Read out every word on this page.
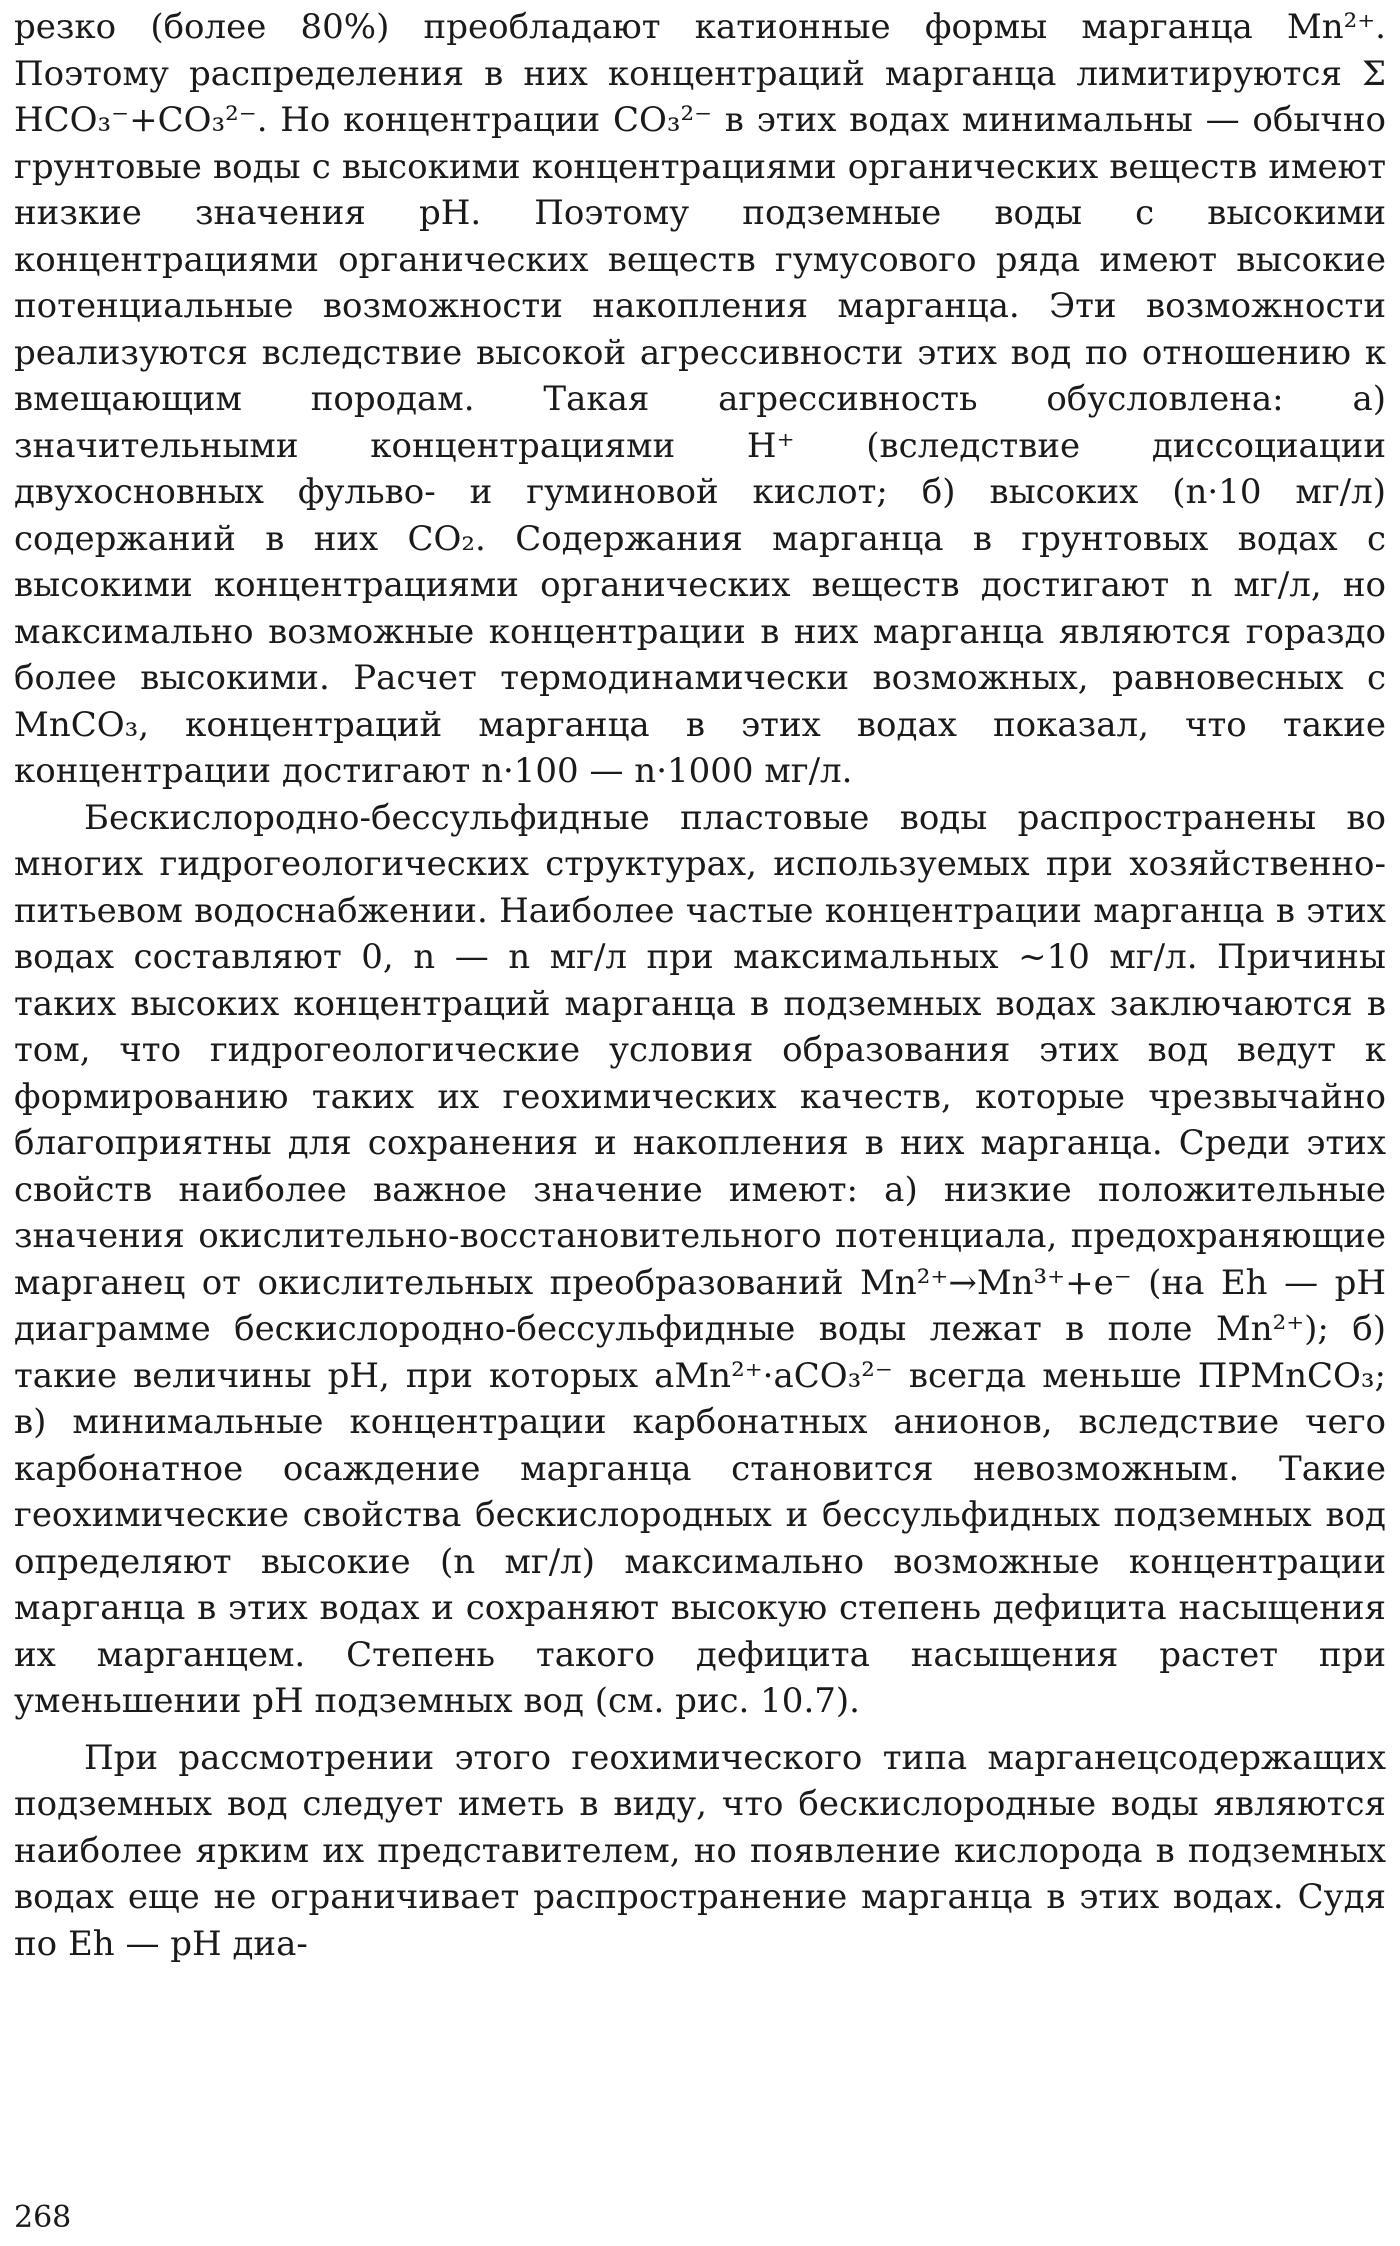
резко (более 80%) преобладают катионные формы марганца Mn²⁺. Поэтому распределения в них концентраций марганца лимитируются Σ HCO₃⁻+CO₃²⁻. Но концентрации CO₃²⁻ в этих водах минимальны — обычно грунтовые воды с высокими концентрациями органических веществ имеют низкие значения pH. Поэтому подземные воды с высокими концентрациями органических веществ гумусового ряда имеют высокие потенциальные возможности накопления марганца. Эти возможности реализуются вследствие высокой агрессивности этих вод по отношению к вмещающим породам. Такая агрессивность обусловлена: а) значительными концентрациями H⁺ (вследствие диссоциации двухосновных фульво- и гуминовой кислот; б) высоких (n·10 мг/л) содержаний в них CO₂. Содержания марганца в грунтовых водах с высокими концентрациями органических веществ достигают n мг/л, но максимально возможные концентрации в них марганца являются гораздо более высокими. Расчет термодинамически возможных, равновесных с MnCO₃, концентраций марганца в этих водах показал, что такие концентрации достигают n·100 — n·1000 мг/л.

Бескислородно-бессульфидные пластовые воды распространены во многих гидрогеологических структурах, используемых при хозяйственно-питьевом водоснабжении. Наиболее частые концентрации марганца в этих водах составляют 0, n — n мг/л при максимальных ~10 мг/л. Причины таких высоких концентраций марганца в подземных водах заключаются в том, что гидрогеологические условия образования этих вод ведут к формированию таких их геохимических качеств, которые чрезвычайно благоприятны для сохранения и накопления в них марганца. Среди этих свойств наиболее важное значение имеют: а) низкие положительные значения окислительно-восстановительного потенциала, предохраняющие марганец от окислительных преобразований Mn²⁺→Mn³⁺+e⁻ (на Eh — pH диаграмме бескислородно-бессульфидные воды лежат в поле Mn²⁺); б) такие величины pH, при которых aMn²⁺·aCO₃²⁻ всегда меньше ПРMnCO₃; в) минимальные концентрации карбонатных анионов, вследствие чего карбонатное осаждение марганца становится невозможным. Такие геохимические свойства бескислородных и бессульфидных подземных вод определяют высокие (n мг/л) максимально возможные концентрации марганца в этих водах и сохраняют высокую степень дефицита насыщения их марганцем. Степень такого дефицита насыщения растет при уменьшении pH подземных вод (см. рис. 10.7).

При рассмотрении этого геохимического типа марганецсодержащих подземных вод следует иметь в виду, что бескислородные воды являются наиболее ярким их представителем, но появление кислорода в подземных водах еще не ограничивает распространение марганца в этих водах. Судя по Eh — pH диа-

268
